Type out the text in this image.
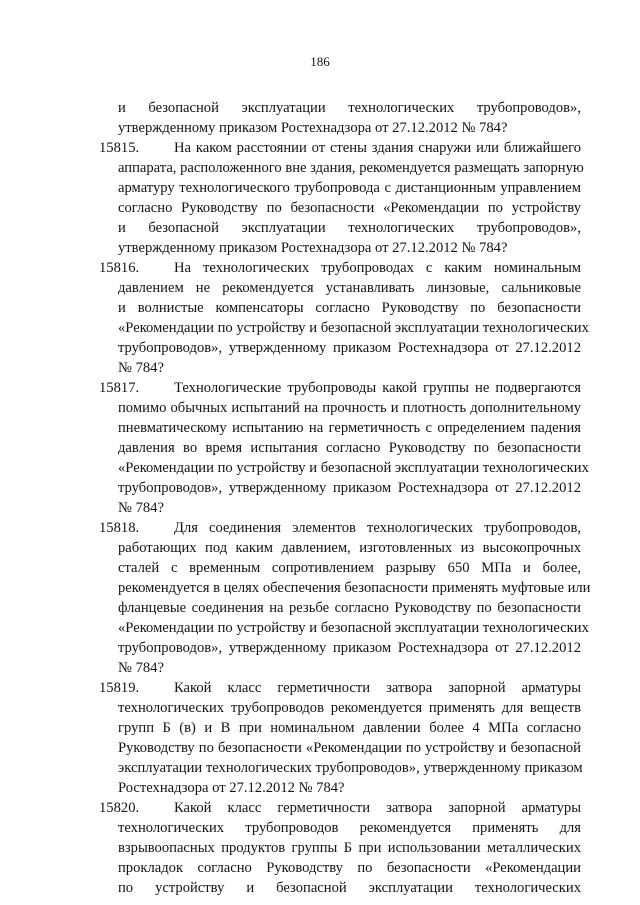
186
и безопасной эксплуатации технологических трубопроводов»,
утвержденному приказом Ростехнадзора от 27.12.2012 № 784?
15815.	На каком расстоянии от стены здания снаружи или ближайшего
аппарата, расположенного вне здания, рекомендуется размещать запорную
арматуру технологического трубопровода с дистанционным управлением
согласно Руководству по безопасности «Рекомендации по устройству
и безопасной эксплуатации технологических трубопроводов»,
утвержденному приказом Ростехнадзора от 27.12.2012 № 784?
15816.	На технологических трубопроводах с каким номинальным
давлением не рекомендуется устанавливать линзовые, сальниковые
и волнистые компенсаторы согласно Руководству по безопасности
«Рекомендации по устройству и безопасной эксплуатации технологических
трубопроводов», утвержденному приказом Ростехнадзора от 27.12.2012
№ 784?
15817.	Технологические трубопроводы какой группы не подвергаются
помимо обычных испытаний на прочность и плотность дополнительному
пневматическому испытанию на герметичность с определением падения
давления во время испытания согласно Руководству по безопасности
«Рекомендации по устройству и безопасной эксплуатации технологических
трубопроводов», утвержденному приказом Ростехнадзора от 27.12.2012
№ 784?
15818.	Для соединения элементов технологических трубопроводов,
работающих под каким давлением, изготовленных из высокопрочных
сталей с временным сопротивлением разрыву 650 МПа и более,
рекомендуется в целях обеспечения безопасности применять муфтовые или
фланцевые соединения на резьбе согласно Руководству по безопасности
«Рекомендации по устройству и безопасной эксплуатации технологических
трубопроводов», утвержденному приказом Ростехнадзора от 27.12.2012
№ 784?
15819.	Какой класс герметичности затвора запорной арматуры
технологических трубопроводов рекомендуется применять для веществ
групп Б (в) и В при номинальном давлении более 4 МПа согласно
Руководству по безопасности «Рекомендации по устройству и безопасной
эксплуатации технологических трубопроводов», утвержденному приказом
Ростехнадзора от 27.12.2012 № 784?
15820.	Какой класс герметичности затвора запорной арматуры
технологических трубопроводов рекомендуется применять для
взрывоопасных продуктов группы Б при использовании металлических
прокладок согласно Руководству по безопасности «Рекомендации
по устройству и безопасной эксплуатации технологических
